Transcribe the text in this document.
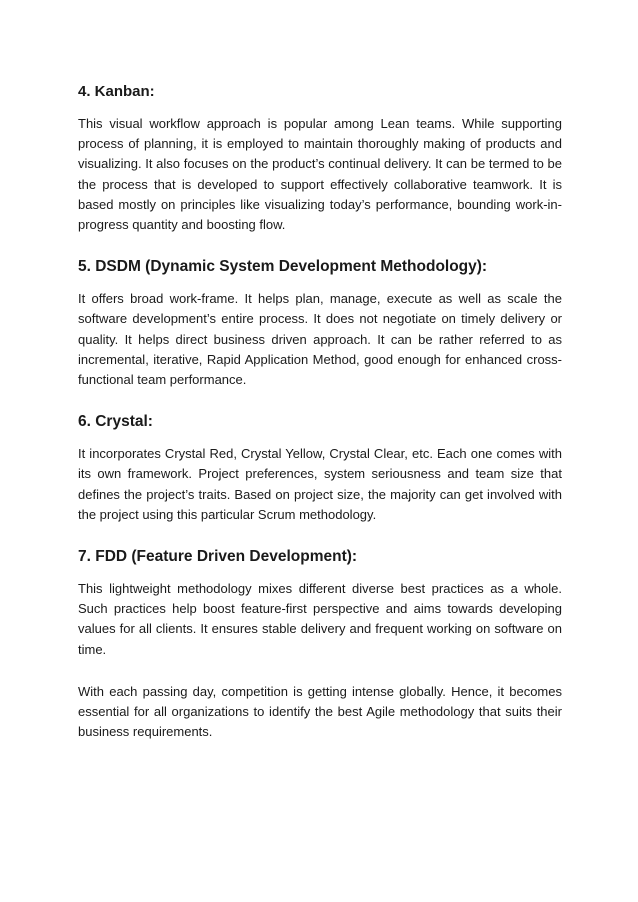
4. Kanban:

This visual workflow approach is popular among Lean teams. While supporting process of planning, it is employed to maintain thoroughly making of products and visualizing. It also focuses on the product’s continual delivery. It can be termed to be the process that is developed to support effectively collaborative teamwork. It is based mostly on principles like visualizing today’s performance, bounding work-in-progress quantity and boosting flow.

5. DSDM (Dynamic System Development Methodology):

It offers broad work-frame. It helps plan, manage, execute as well as scale the software development’s entire process. It does not negotiate on timely delivery or quality. It helps direct business driven approach. It can be rather referred to as incremental, iterative, Rapid Application Method, good enough for enhanced cross-functional team performance.

6. Crystal:

It incorporates Crystal Red, Crystal Yellow, Crystal Clear, etc. Each one comes with its own framework. Project preferences, system seriousness and team size that defines the project’s traits. Based on project size, the majority can get involved with the project using this particular Scrum methodology.

7. FDD (Feature Driven Development):

This lightweight methodology mixes different diverse best practices as a whole. Such practices help boost feature-first perspective and aims towards developing values for all clients. It ensures stable delivery and frequent working on software on time.

With each passing day, competition is getting intense globally. Hence, it becomes essential for all organizations to identify the best Agile methodology that suits their business requirements.
